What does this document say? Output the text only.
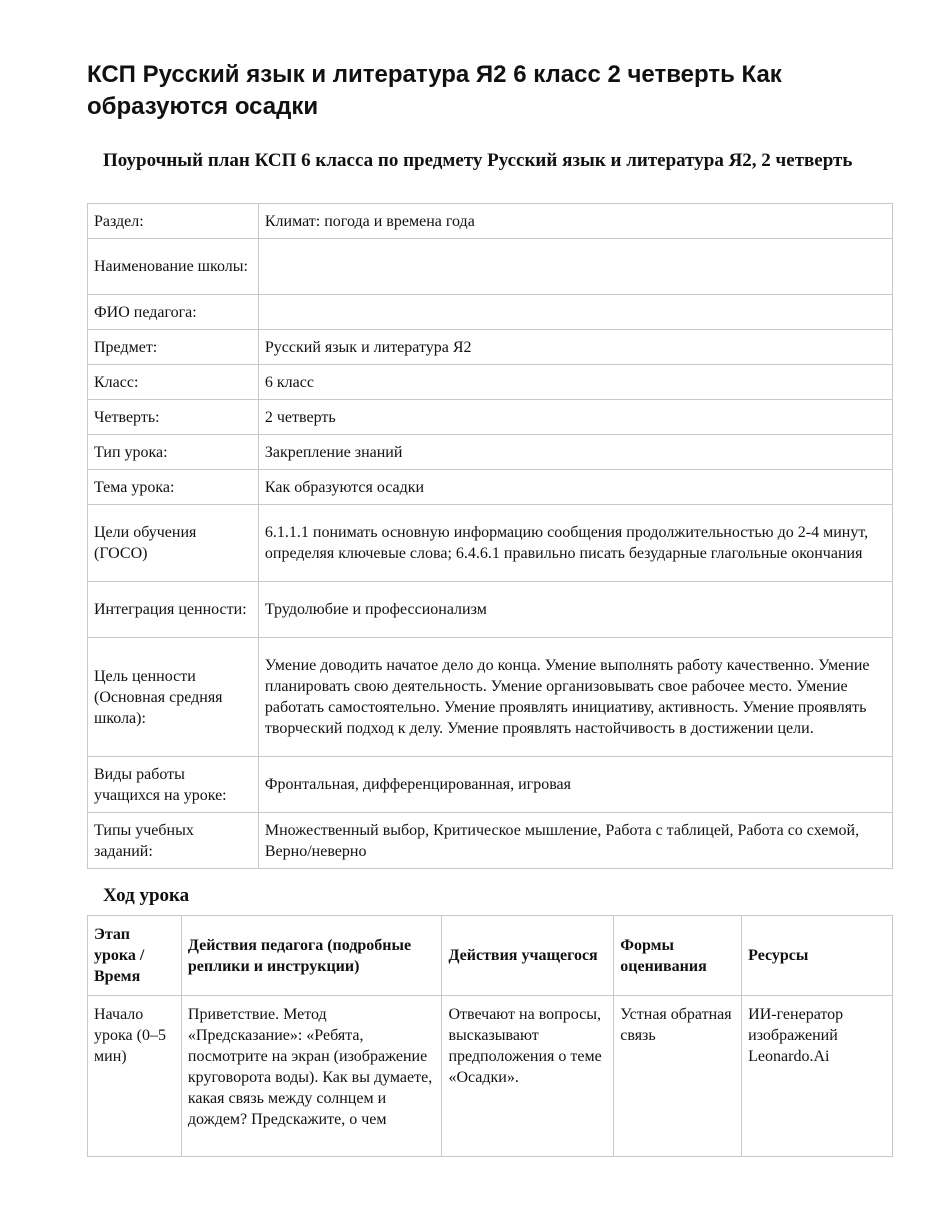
КСП Русский язык и литература Я2 6 класс 2 четверть Как образуются осадки
Поурочный план КСП 6 класса по предмету Русский язык и литература Я2, 2 четверть
Раздел:	Климат: погода и времена года
Наименование школы:	
ФИО педагога:	
Предмет:	Русский язык и литература Я2
Класс:	6 класс
Четверть:	2 четверть
Тип урока:	Закрепление знаний
Тема урока:	Как образуются осадки
Цели обучения (ГОСО)	6.1.1.1 понимать основную информацию сообщения продолжительностью до 2-4 минут, определяя ключевые слова; 6.4.6.1 правильно писать безударные глагольные окончания
Интеграция ценности:	Трудолюбие и профессионализм
Цель ценности (Основная средняя школа):	Умение доводить начатое дело до конца. Умение выполнять работу качественно. Умение планировать свою деятельность. Умение организовывать свое рабочее место. Умение работать самостоятельно. Умение проявлять инициативу, активность. Умение проявлять творческий подход к делу. Умение проявлять настойчивость в достижении цели.
Виды работы учащихся на уроке:	Фронтальная, дифференцированная, игровая
Типы учебных заданий:	Множественный выбор, Критическое мышление, Работа с таблицей, Работа со схемой, Верно/неверно
Ход урока
Этап урока / Время	Действия педагога (подробные реплики и инструкции)	Действия учащегося	Формы оценивания	Ресурсы
Начало урока (0–5 мин)	Приветствие. Метод «Предсказание»: «Ребята, посмотрите на экран (изображение круговорота воды). Как вы думаете, какая связь между солнцем и дождем? Предскажите, о чем	Отвечают на вопросы, высказывают предположения о теме «Осадки».	Устная обратная связь	ИИ-генератор изображений Leonardo.Ai
